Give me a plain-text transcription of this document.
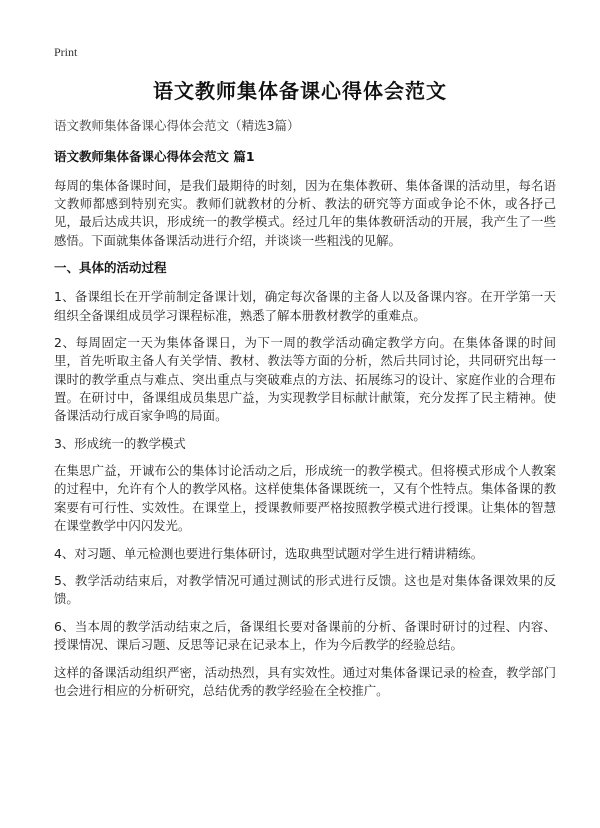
Print
语文教师集体备课心得体会范文

语文教师集体备课心得体会范文（精选3篇）

语文教师集体备课心得体会范文 篇1

每周的集体备课时间，是我们最期待的时刻，因为在集体教研、集体备课的活动里，每名语文教师都感到特别充实。教师们就教材的分析、教法的研究等方面或争论不休，或各抒己见，最后达成共识，形成统一的教学模式。经过几年的集体教研活动的开展，我产生了一些感悟。下面就集体备课活动进行介绍，并谈谈一些粗浅的见解。

一、具体的活动过程

1、备课组长在开学前制定备课计划，确定每次备课的主备人以及备课内容。在开学第一天组织全备课组成员学习课程标准，熟悉了解本册教材教学的重难点。

2、每周固定一天为集体备课日，为下一周的教学活动确定教学方向。在集体备课的时间里，首先听取主备人有关学情、教材、教法等方面的分析，然后共同讨论，共同研究出每一课时的教学重点与难点、突出重点与突破难点的方法、拓展练习的设计、家庭作业的合理布置。在研讨中，备课组成员集思广益，为实现教学目标献计献策，充分发挥了民主精神。使备课活动行成百家争鸣的局面。

3、形成统一的教学模式

在集思广益，开诚布公的集体讨论活动之后，形成统一的教学模式。但将模式形成个人教案的过程中，允许有个人的教学风格。这样使集体备课既统一，又有个性特点。集体备课的教案要有可行性、实效性。在课堂上，授课教师要严格按照教学模式进行授课。让集体的智慧在课堂教学中闪闪发光。

4、对习题、单元检测也要进行集体研讨，选取典型试题对学生进行精讲精练。

5、教学活动结束后，对教学情况可通过测试的形式进行反馈。这也是对集体备课效果的反馈。

6、当本周的教学活动结束之后，备课组长要对备课前的分析、备课时研讨的过程、内容、授课情况、课后习题、反思等记录在记录本上，作为今后教学的经验总结。

这样的备课活动组织严密，活动热烈，具有实效性。通过对集体备课记录的检查，教学部门也会进行相应的分析研究，总结优秀的教学经验在全校推广。
